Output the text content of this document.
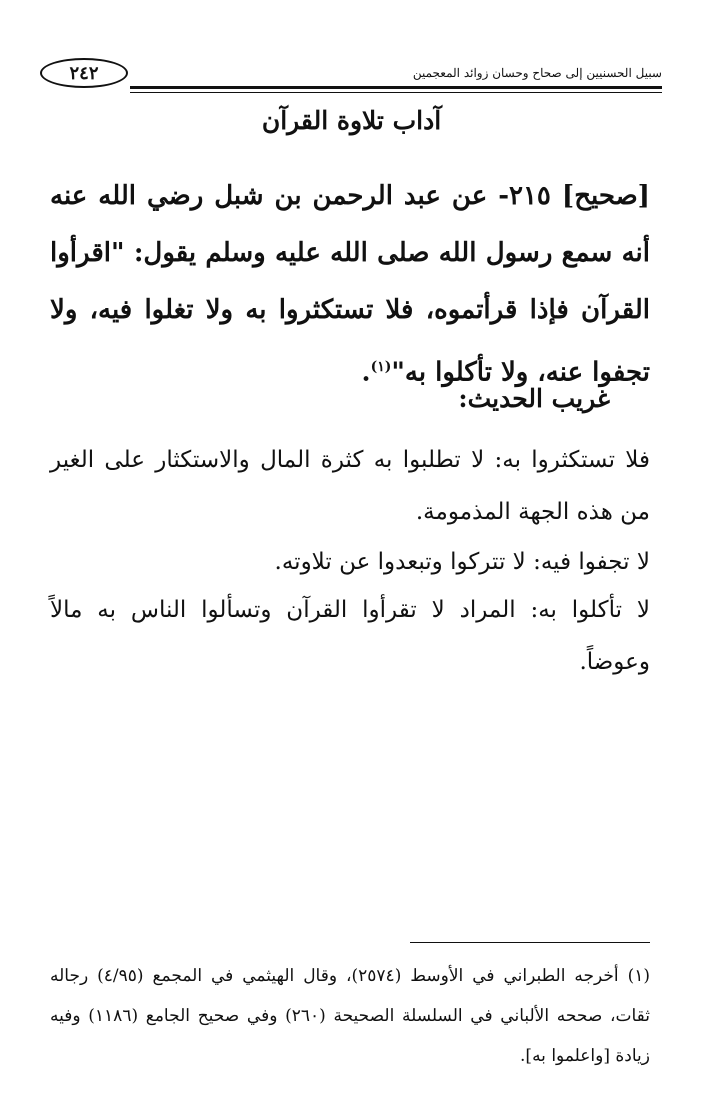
٢٤٢	سبيل الحسنيين إلى صحاح وحسان زوائد المعجمين
آداب تلاوة القرآن
[صحيح] ٢١٥- عن عبد الرحمن بن شبل رضي الله عنه أنه سمع رسول الله صلى الله عليه وسلم يقول: "اقرأوا القرآن فإذا قرأتموه، فلا تستكثروا به ولا تغلوا فيه، ولا تجفوا عنه، ولا تأكلوا به"$^{(١)}$.
غريب الحديث:
فلا تستكثروا به: لا تطلبوا به كثرة المال والاستكثار على الغير من هذه الجهة المذمومة.
لا تجفوا فيه: لا تتركوا وتبعدوا عن تلاوته.
لا تأكلوا به: المراد لا تقرأوا القرآن وتسألوا الناس به مالاً وعوضاً.
(١) أخرجه الطبراني في الأوسط (٢٥٧٤)، وقال الهيثمي في المجمع (٤/٩٥) رجاله ثقات، صححه الألباني في السلسلة الصحيحة (٢٦٠) وفي صحيح الجامع (١١٨٦) وفيه زيادة [واعلموا به].
